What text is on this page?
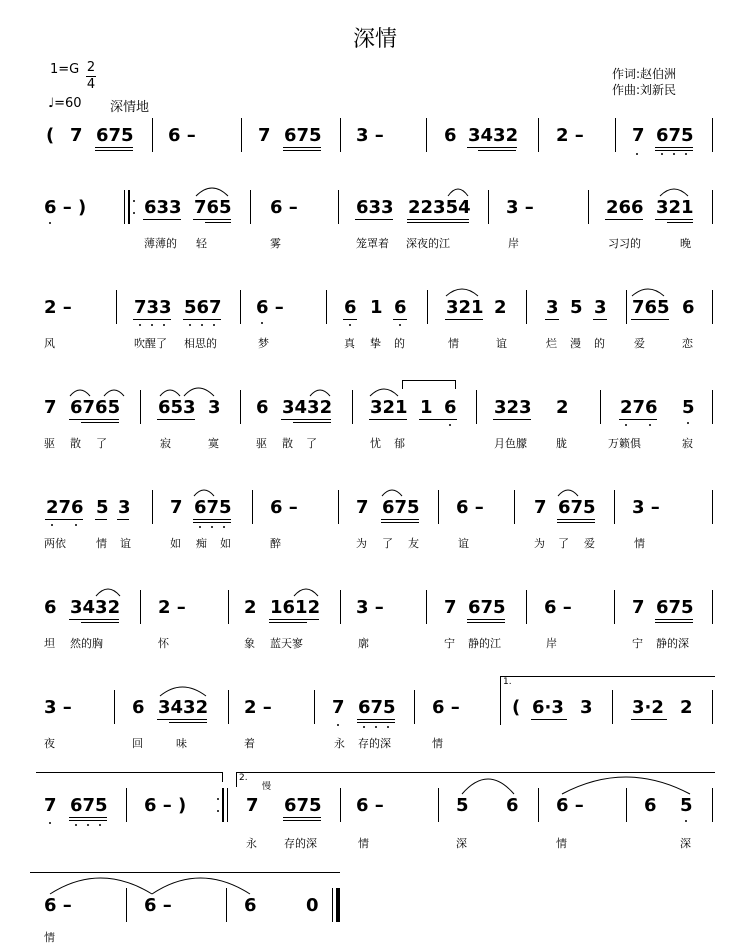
深情
1=G 2
4
♩=60 深情地
作词:赵伯洲
作曲:刘新民
( 7 675 6 –	7 675 3 –	6 3432 2 –	7 675
6 – )	633 765 6 –	633 22354 3 –	266 321
薄薄的 轻	雾	笼罩着 深夜的江	岸	习习的	晚
2 –	733 567 6 –	6 1 6 321 2 3 5 3 765 6
风	吹醒了 相思的	梦	真 挚 的	情	谊	烂 漫 的	爱	恋
7 6765 653 3 6 3432 321 1 6 323 2	276 5
驱 散 了	寂	寞	驱 散 了	忧 郁	月色朦	胧	万籁俱	寂
276 5 3 7 675 6 –	7 675 6 –	7 675 3 –
两依	情 谊	如 痴 如	醉	为 了 友	谊	为 了 爱	情
6 3432 2 –	2 1612 3 –	7 675 6 –	7 675
坦 然的胸	怀	象 蓝天寥	廓	宁 静的江	岸	宁 静的深
3 –	6 3432 2 –	7 675 6 –
1.
( 6·3 3 3·2 2
夜	回	味	着	永 存的深	情
7 675 6 – )
2.
慢
7 675 6 –	5 6 6 –	6 5
永 存的深	情	深	情	深
6 –	6 –	6	0
情
